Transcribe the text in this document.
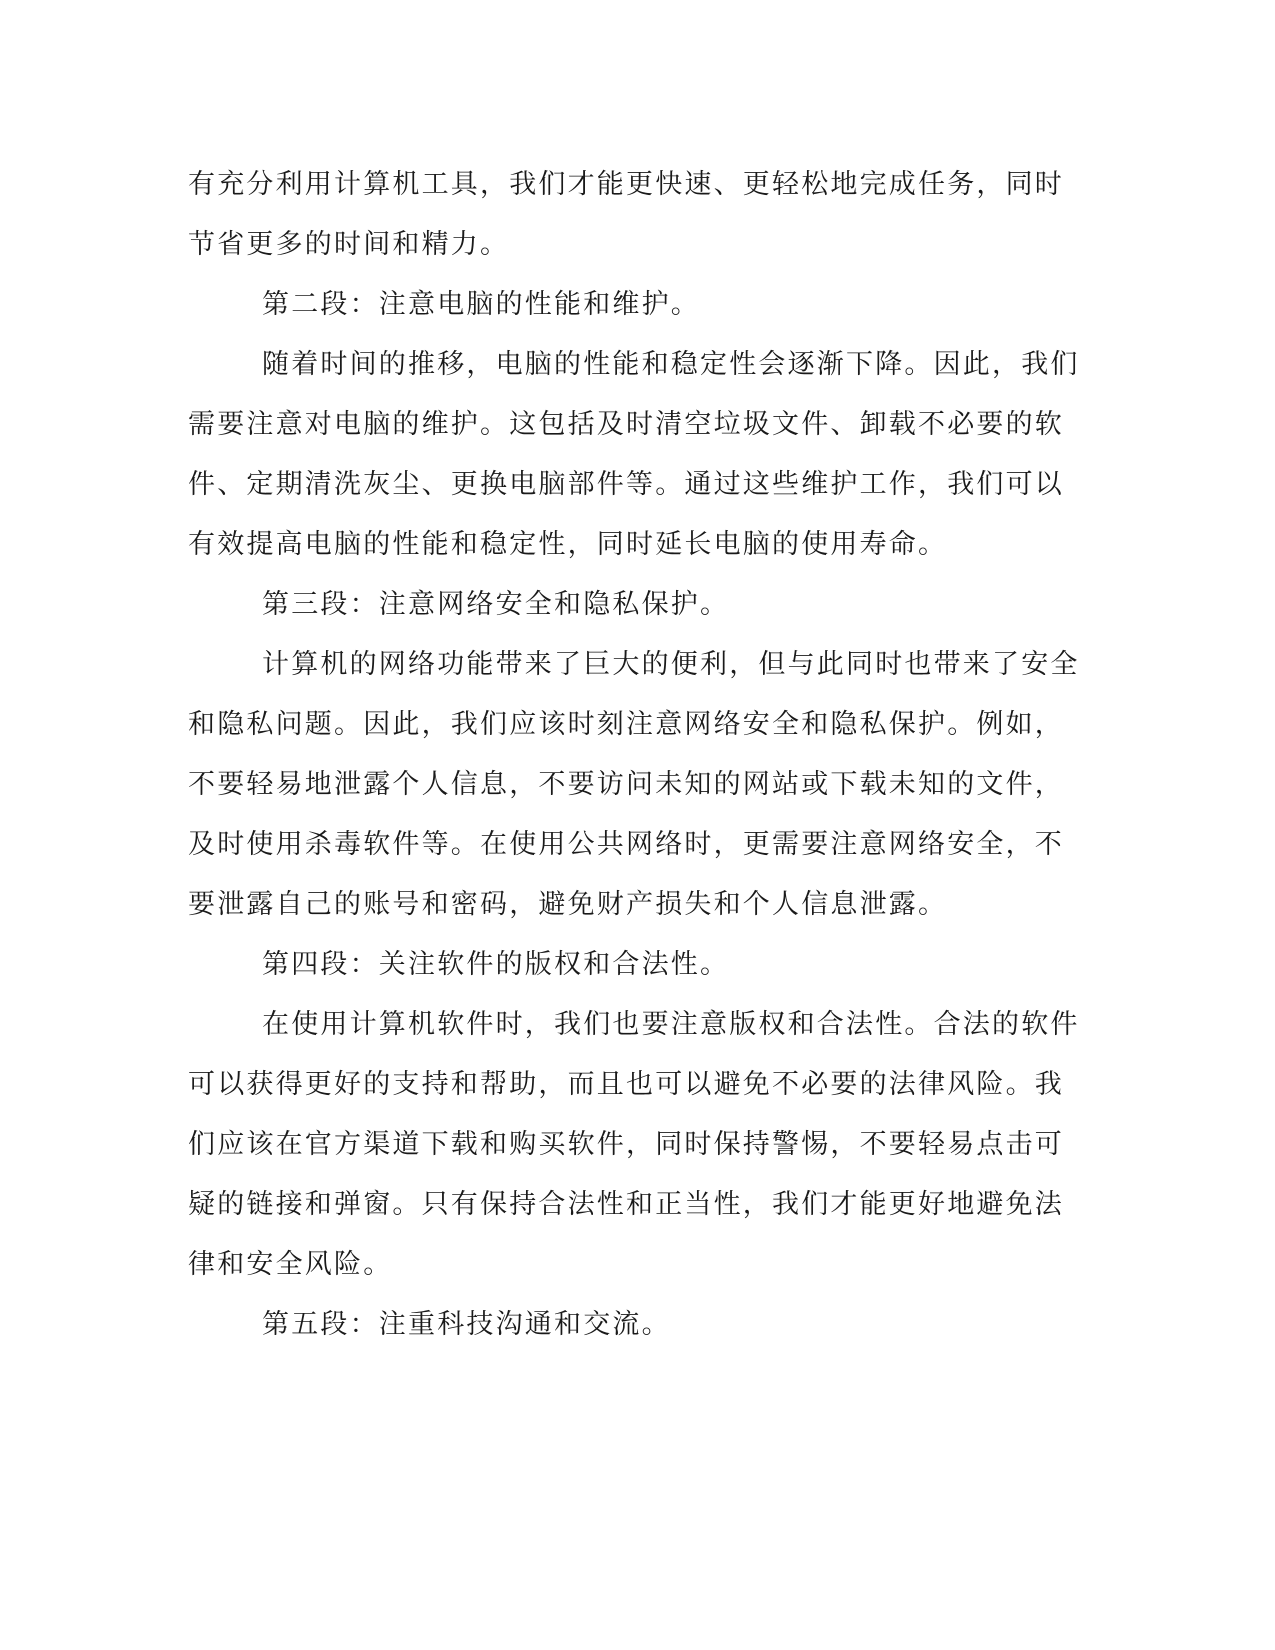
有充分利用计算机工具，我们才能更快速、更轻松地完成任务，同时
节省更多的时间和精力。
第二段：注意电脑的性能和维护。
随着时间的推移，电脑的性能和稳定性会逐渐下降。因此，我们
需要注意对电脑的维护。这包括及时清空垃圾文件、卸载不必要的软
件、定期清洗灰尘、更换电脑部件等。通过这些维护工作，我们可以
有效提高电脑的性能和稳定性，同时延长电脑的使用寿命。
第三段：注意网络安全和隐私保护。
计算机的网络功能带来了巨大的便利，但与此同时也带来了安全
和隐私问题。因此，我们应该时刻注意网络安全和隐私保护。例如，
不要轻易地泄露个人信息，不要访问未知的网站或下载未知的文件，
及时使用杀毒软件等。在使用公共网络时，更需要注意网络安全，不
要泄露自己的账号和密码，避免财产损失和个人信息泄露。
第四段：关注软件的版权和合法性。
在使用计算机软件时，我们也要注意版权和合法性。合法的软件
可以获得更好的支持和帮助，而且也可以避免不必要的法律风险。我
们应该在官方渠道下载和购买软件，同时保持警惕，不要轻易点击可
疑的链接和弹窗。只有保持合法性和正当性，我们才能更好地避免法
律和安全风险。
第五段：注重科技沟通和交流。
